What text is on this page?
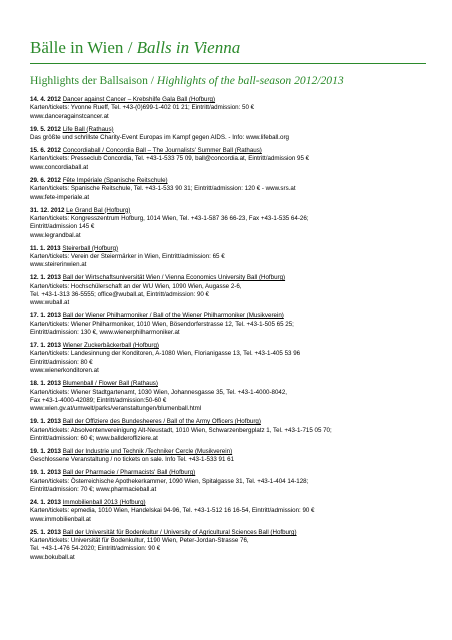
Bälle in Wien / Balls in Vienna
Highlights der Ballsaison / Highlights of the ball-season 2012/2013
14. 4. 2012 Dancer against Cancer – Krebshilfe Gala Ball (Hofburg)
Karten/tickets: Yvonne Rueff, Tel. +43-(0)699-1-402 01 21; Eintritt/admission: 50 €
www.danceragainstcancer.at
19. 5. 2012 Life Ball (Rathaus)
Das größte und schrillste Charity-Event Europas im Kampf gegen AIDS. - Info: www.lifeball.org
15. 6. 2012 Concordiaball / Concordia Ball – The Journalists' Summer Ball (Rathaus)
Karten/tickets: Presseclub Concordia, Tel. +43-1-533 75 09, ball@concordia.at, Eintritt/admission 95 €
www.concordiaball.at
29. 6. 2012 Fête Impériale (Spanische Reitschule)
Karten/tickets: Spanische Reitschule, Tel. +43-1-533 90 31; Eintritt/admission: 120 € - www.srs.at
www.fete-imperiale.at
31. 12. 2012 Le Grand Bal (Hofburg)
Karten/tickets: Kongresszentrum Hofburg, 1014 Wien, Tel. +43-1-587 36 66-23, Fax +43-1-535 64-26;
Eintritt/admission 145 €
www.legrandbal.at
11. 1. 2013 Steirerball (Hofburg)
Karten/tickets: Verein der Steiermärker in Wien, Eintritt/admission: 65 €
www.steirerinwien.at
12. 1. 2013 Ball der Wirtschaftsuniversität Wien / Vienna Economics University Ball (Hofburg)
Karten/tickets: Hochschülerschaft an der WU Wien, 1090 Wien, Augasse 2-6,
Tel. +43-1-313 36-5555; office@wuball.at, Eintritt/admission: 90 €
www.wuball.at
17. 1. 2013 Ball der Wiener Philharmoniker / Ball of the Wiener Philharmoniker (Musikverein)
Karten/tickets: Wiener Philharmoniker, 1010 Wien, Bösendorferstrasse 12, Tel. +43-1-505 65 25;
Eintritt/admission: 130 €, www.wienerphilharmoniker.at
17. 1. 2013 Wiener Zuckerbäckerball (Hofburg)
Karten/tickets: Landesinnung der Konditoren, A-1080 Wien, Florianigasse 13, Tel. +43-1-405 53 96
Eintritt/admission: 80 €
www.wienerkonditoren.at
18. 1. 2013 Blumenball / Flower Ball (Rathaus)
Karten/tickets: Wiener Stadtgartenamt, 1030 Wien, Johannesgasse 35, Tel. +43-1-4000-8042,
Fax +43-1-4000-42089; Eintritt/admission:50-60 €
www.wien.gv.at/umwelt/parks/veranstaltungen/blumenball.html
19. 1. 2013 Ball der Offiziere des Bundesheeres / Ball of the Army Officers (Hofburg)
Karten/tickets: Absolventenvereinigung Alt-Neustadt, 1010 Wien, Schwarzenbergplatz 1, Tel. +43-1-715 05 70;
Eintritt/admission: 60 €; www.ballderoffiziere.at
19. 1. 2013 Ball der Industrie und Technik /Techniker Cercle (Musikverein)
Geschlossene Veranstaltung / no tickets on sale. Info Tel. +43-1-533 91 61
19. 1. 2013 Ball der Pharmacie / Pharmacists' Ball (Hofburg)
Karten/tickets: Österreichische Apothekerkammer, 1090 Wien, Spitalgasse 31, Tel. +43-1-404 14-128;
Eintritt/admission: 70 €; www.pharmacieball.at
24. 1. 2013 Immobilienball 2013 (Hofburg)
Karten/tickets: epmedia, 1010 Wien, Handelskai 94-96, Tel. +43-1-512 16 16-54, Eintritt/admission: 90 €
www.immobilienball.at
25. 1. 2013 Ball der Universität für Bodenkultur / University of Agricultural Sciences Ball (Hofburg)
Karten/tickets: Universität für Bodenkultur, 1190 Wien, Peter-Jordan-Strasse 76,
Tel. +43-1-476 54-2020; Eintritt/admission: 90 €
www.bokuball.at
